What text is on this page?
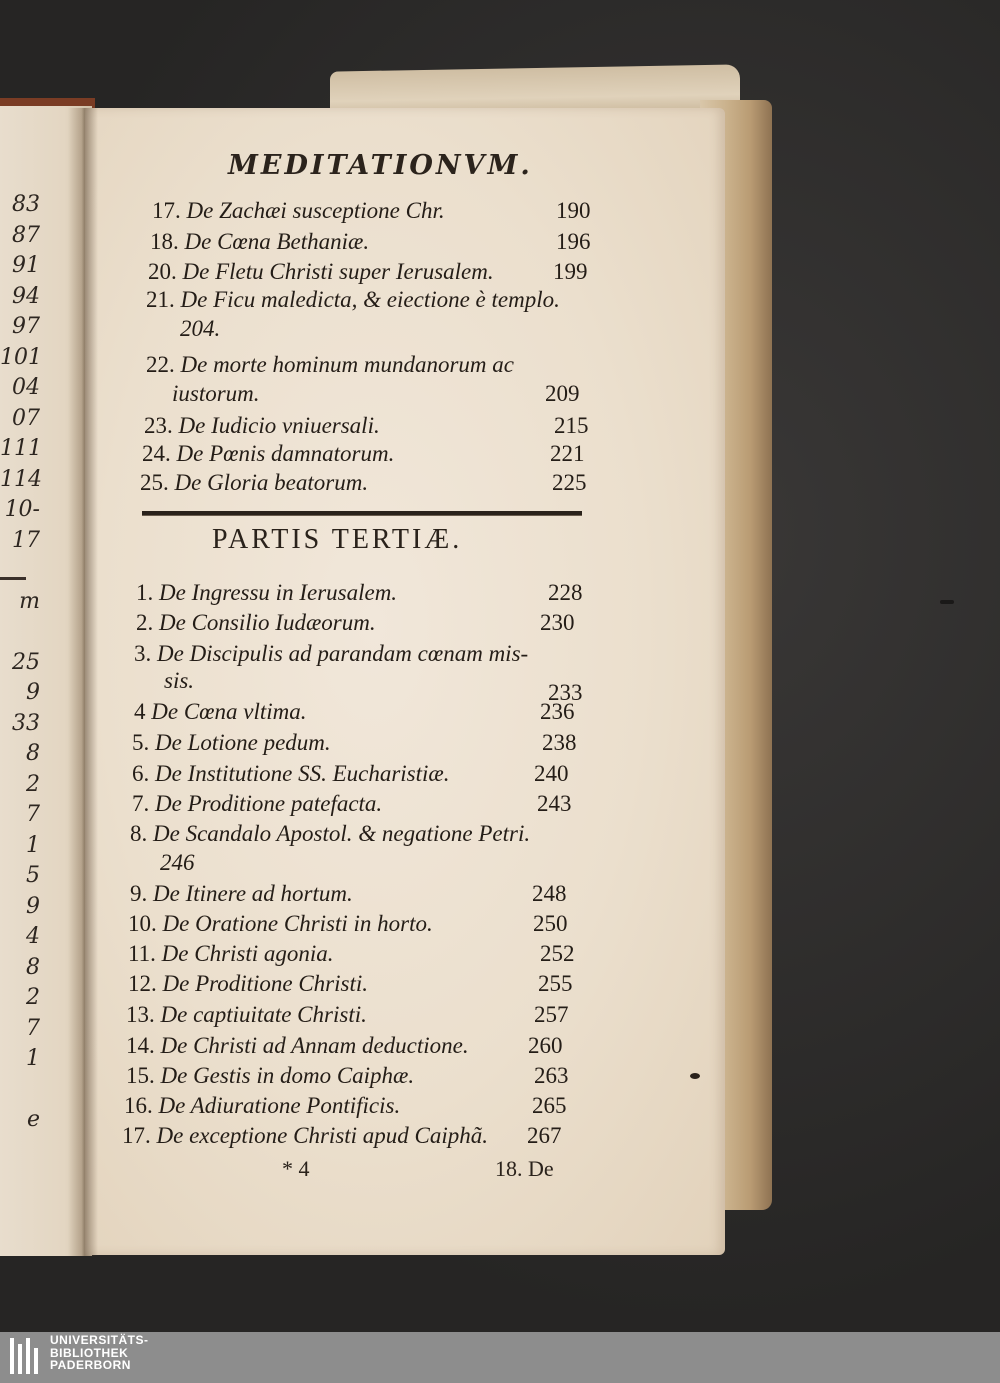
83
87
91
94
97
101
04
07
111
114
10-
17
m
25
9
33
8
2
7
1
5
9
4
8
2
7
1
e
MEDITATIONVM.
17. De Zachæi susceptione Chr.	190
18. De Cœna Bethaniæ.	196
20. De Fletu Christi super Ierusalem.	199
21. De Ficu maledicta, & eiectione è templo.
204.
22. De morte hominum mundanorum ac
iustorum.	209
23. De Iudicio vniuersali.	215
24. De Pœnis damnatorum.	221
25. De Gloria beatorum.	225
1. De Ingressu in Ierusalem.	228
2. De Consilio Iudæorum.	230
3. De Discipulis ad parandam cœnam mis-
sis.	233
4 De Cœna vltima.	236
5. De Lotione pedum.	238
6. De Institutione SS. Eucharistiæ.	240
7. De Proditione patefacta.	243
8. De Scandalo Apostol. & negatione Petri.
246
9. De Itinere ad hortum.	248
10. De Oratione Christi in horto.	250
11. De Christi agonia.	252
12. De Proditione Christi.	255
13. De captiuitate Christi.	257
14. De Christi ad Annam deductione.	260
15. De Gestis in domo Caiphæ.	263
16. De Adiuratione Pontificis.	265
17. De exceptione Christi apud Caiphã. 267
PARTIS TERTIÆ.
* 4	18. De
UNIVERSITÄTS-
BIBLIOTHEK
PADERBORN
